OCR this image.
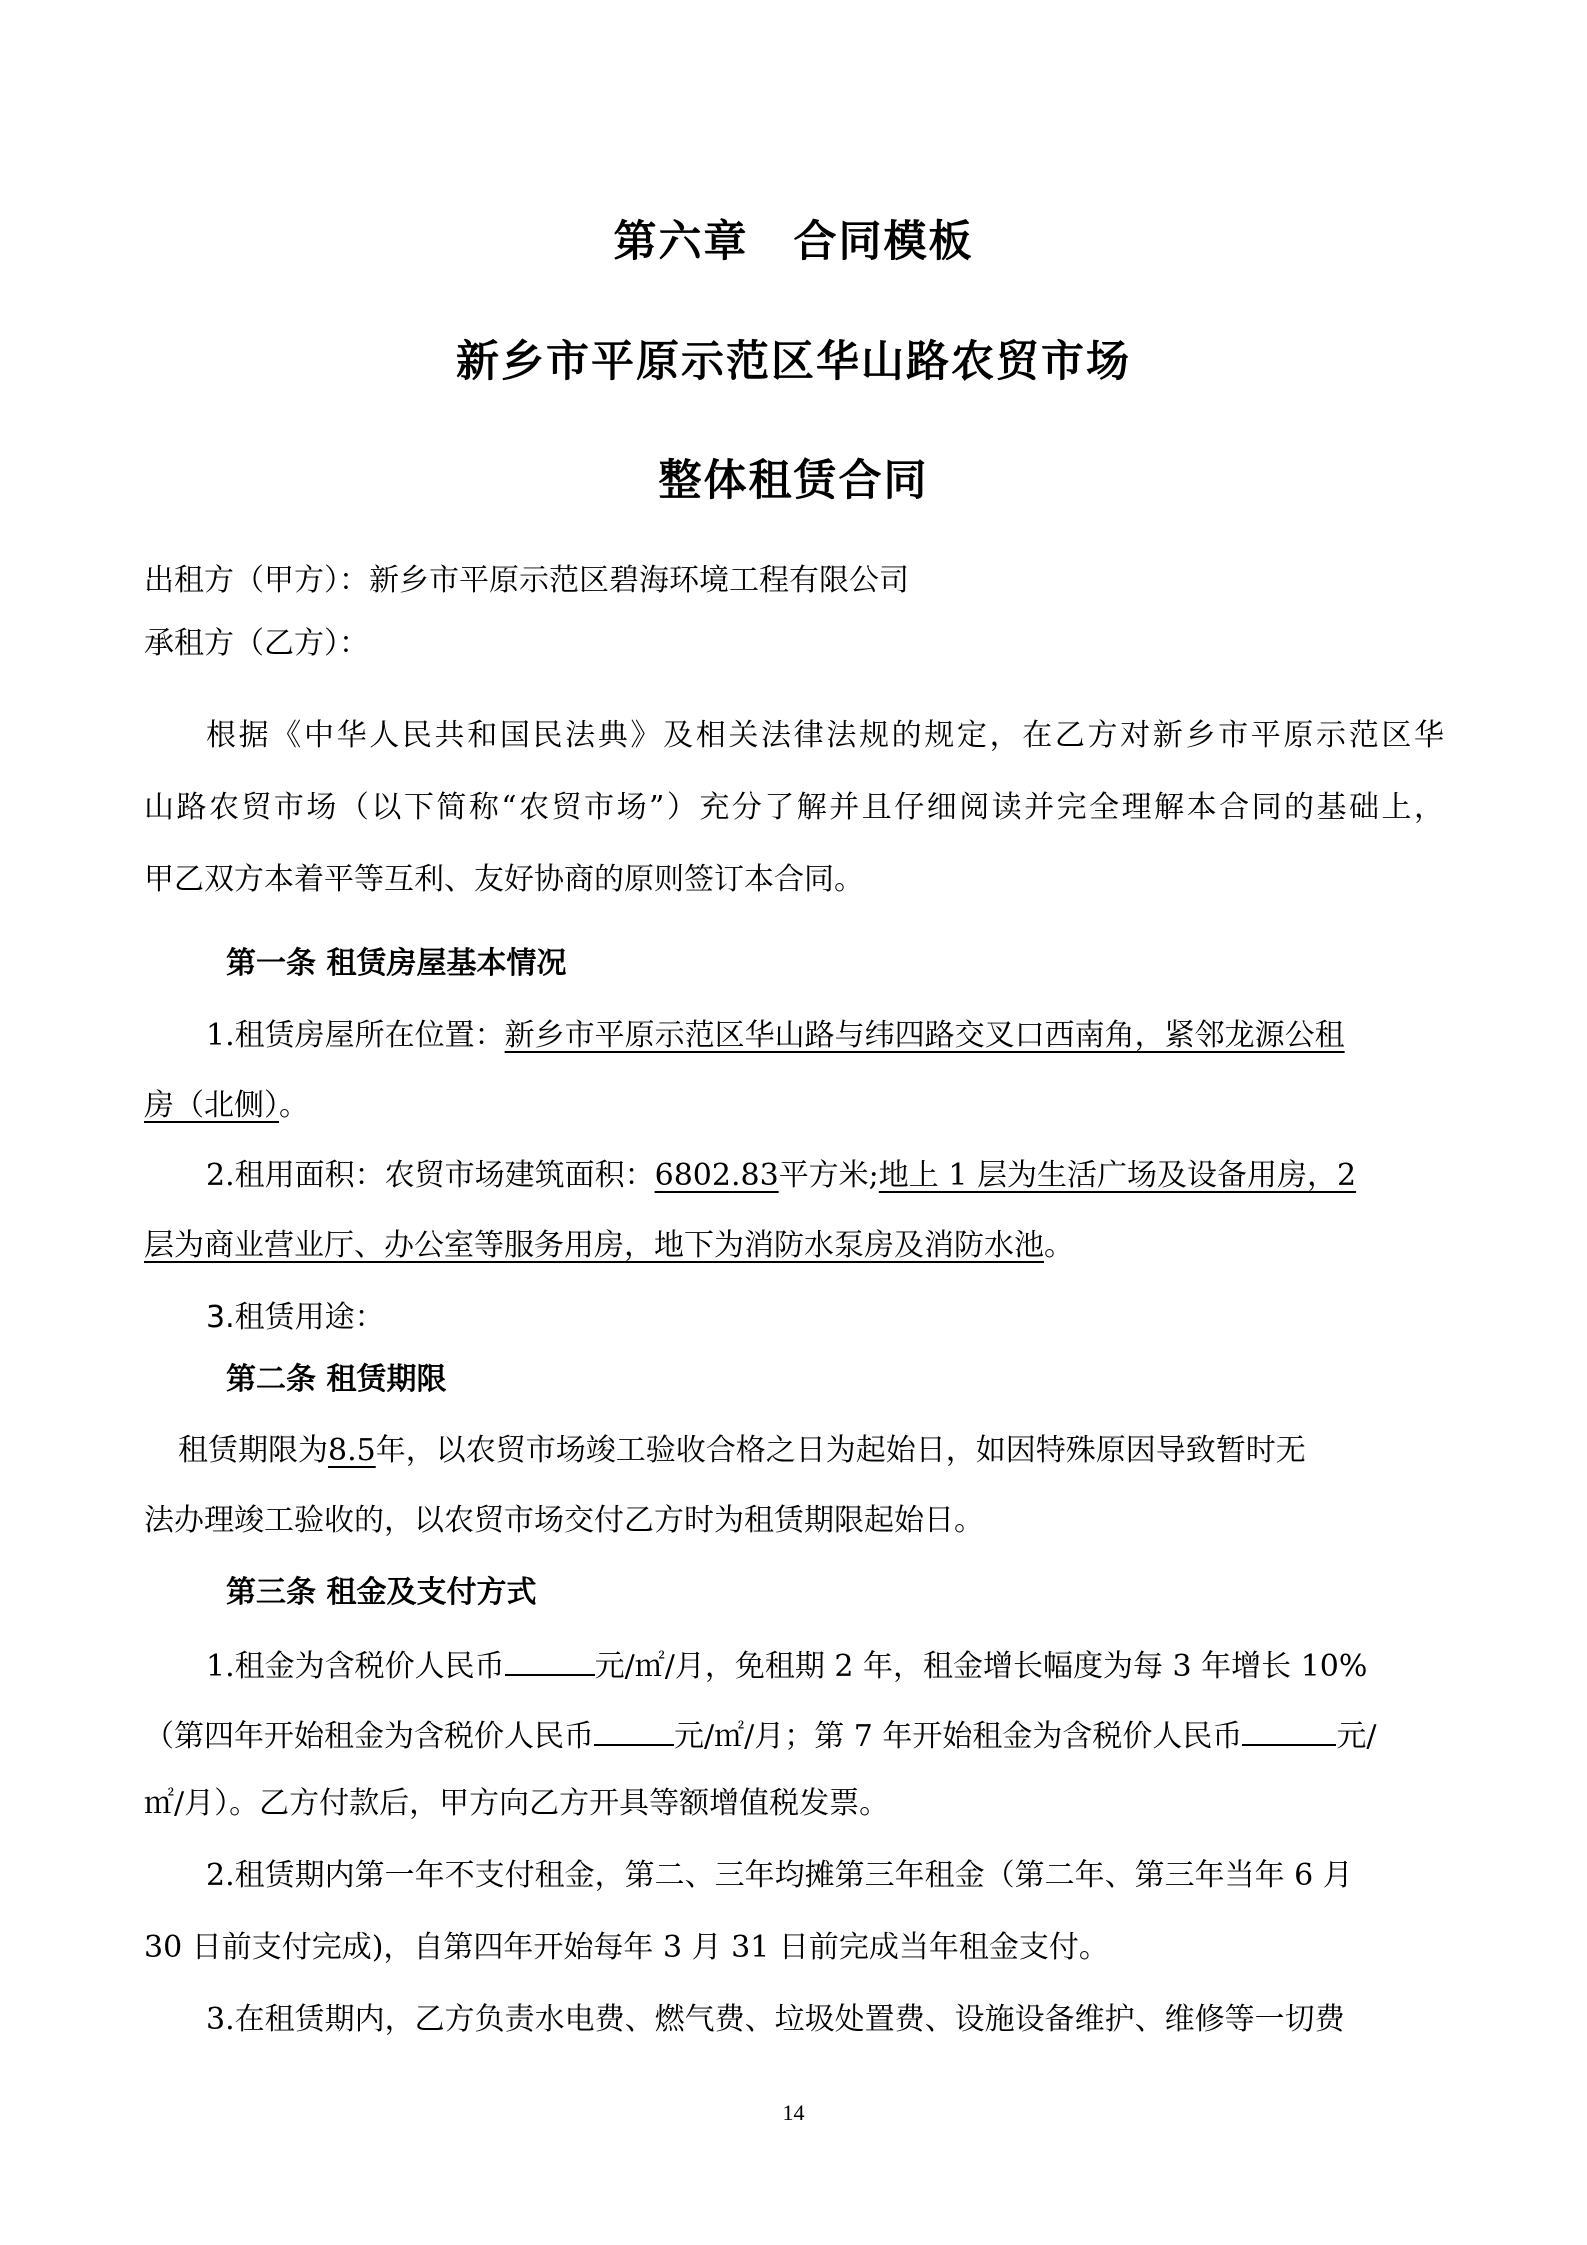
第六章　合同模板
新乡市平原示范区华山路农贸市场
整体租赁合同
出租方（甲方）：新乡市平原示范区碧海环境工程有限公司
承租方（乙方）：
根据《中华人民共和国民法典》及相关法律法规的规定，在乙方对新乡市平原示范区华
山路农贸市场（以下简称“农贸市场”）充分了解并且仔细阅读并完全理解本合同的基础上，
甲乙双方本着平等互利、友好协商的原则签订本合同。
第一条 租赁房屋基本情况
1.租赁房屋所在位置：新乡市平原示范区华山路与纬四路交叉口西南角，紧邻龙源公租
房（北侧）。
2.租用面积：农贸市场建筑面积：6802.83平方米;地上 1 层为生活广场及设备用房，2
层为商业营业厅、办公室等服务用房，地下为消防水泵房及消防水池。
3.租赁用途：
第二条 租赁期限
租赁期限为8.5年，以农贸市场竣工验收合格之日为起始日，如因特殊原因导致暂时无
法办理竣工验收的，以农贸市场交付乙方时为租赁期限起始日。
第三条 租金及支付方式
1.租金为含税价人民币	元/㎡/月，免租期 2 年，租金增长幅度为每 3 年增长 10%
（第四年开始租金为含税价人民币	元/㎡/月；第 7 年开始租金为含税价人民币	元/
㎡/月）。乙方付款后，甲方向乙方开具等额增值税发票。
2.租赁期内第一年不支付租金，第二、三年均摊第三年租金（第二年、第三年当年 6 月
30 日前支付完成)，自第四年开始每年 3 月 31 日前完成当年租金支付。
3.在租赁期内，乙方负责水电费、燃气费、垃圾处置费、设施设备维护、维修等一切费
14
